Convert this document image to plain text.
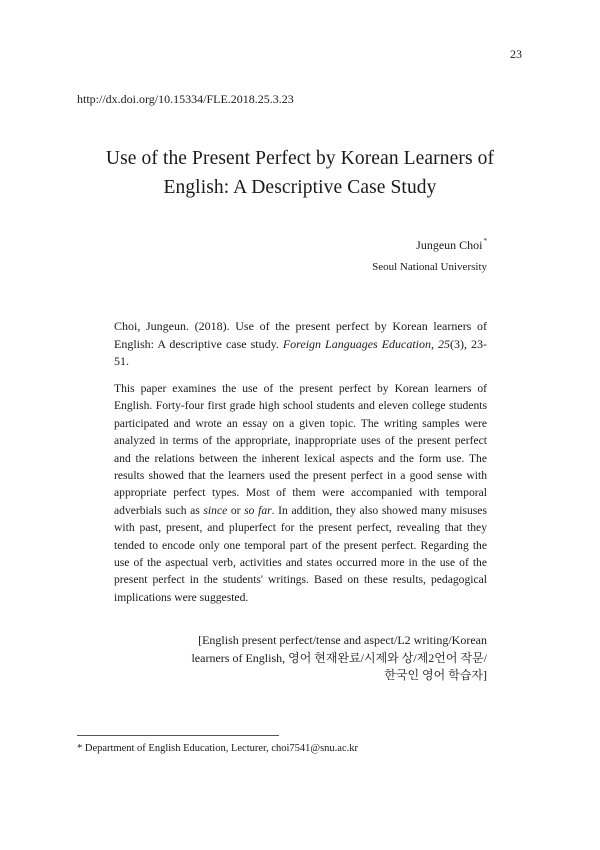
23
http://dx.doi.org/10.15334/FLE.2018.25.3.23
Use of the Present Perfect by Korean Learners of
English: A Descriptive Case Study
Jungeun Choi*
Seoul National University
Choi, Jungeun. (2018). Use of the present perfect by Korean learners of English: A descriptive case study. Foreign Languages Education, 25(3), 23-51.
This paper examines the use of the present perfect by Korean learners of English. Forty-four first grade high school students and eleven college students participated and wrote an essay on a given topic. The writing samples were analyzed in terms of the appropriate, inappropriate uses of the present perfect and the relations between the inherent lexical aspects and the form use. The results showed that the learners used the present perfect in a good sense with appropriate perfect types. Most of them were accompanied with temporal adverbials such as since or so far. In addition, they also showed many misuses with past, present, and pluperfect for the present perfect, revealing that they tended to encode only one temporal part of the present perfect. Regarding the use of the aspectual verb, activities and states occurred more in the use of the present perfect in the students' writings. Based on these results, pedagogical implications were suggested.
[English present perfect/tense and aspect/L2 writing/Korean
learners of English, 영어 현재완료/시제와 상/제2언어 작문/
한국인 영어 학습자]
* Department of English Education, Lecturer, choi7541@snu.ac.kr
